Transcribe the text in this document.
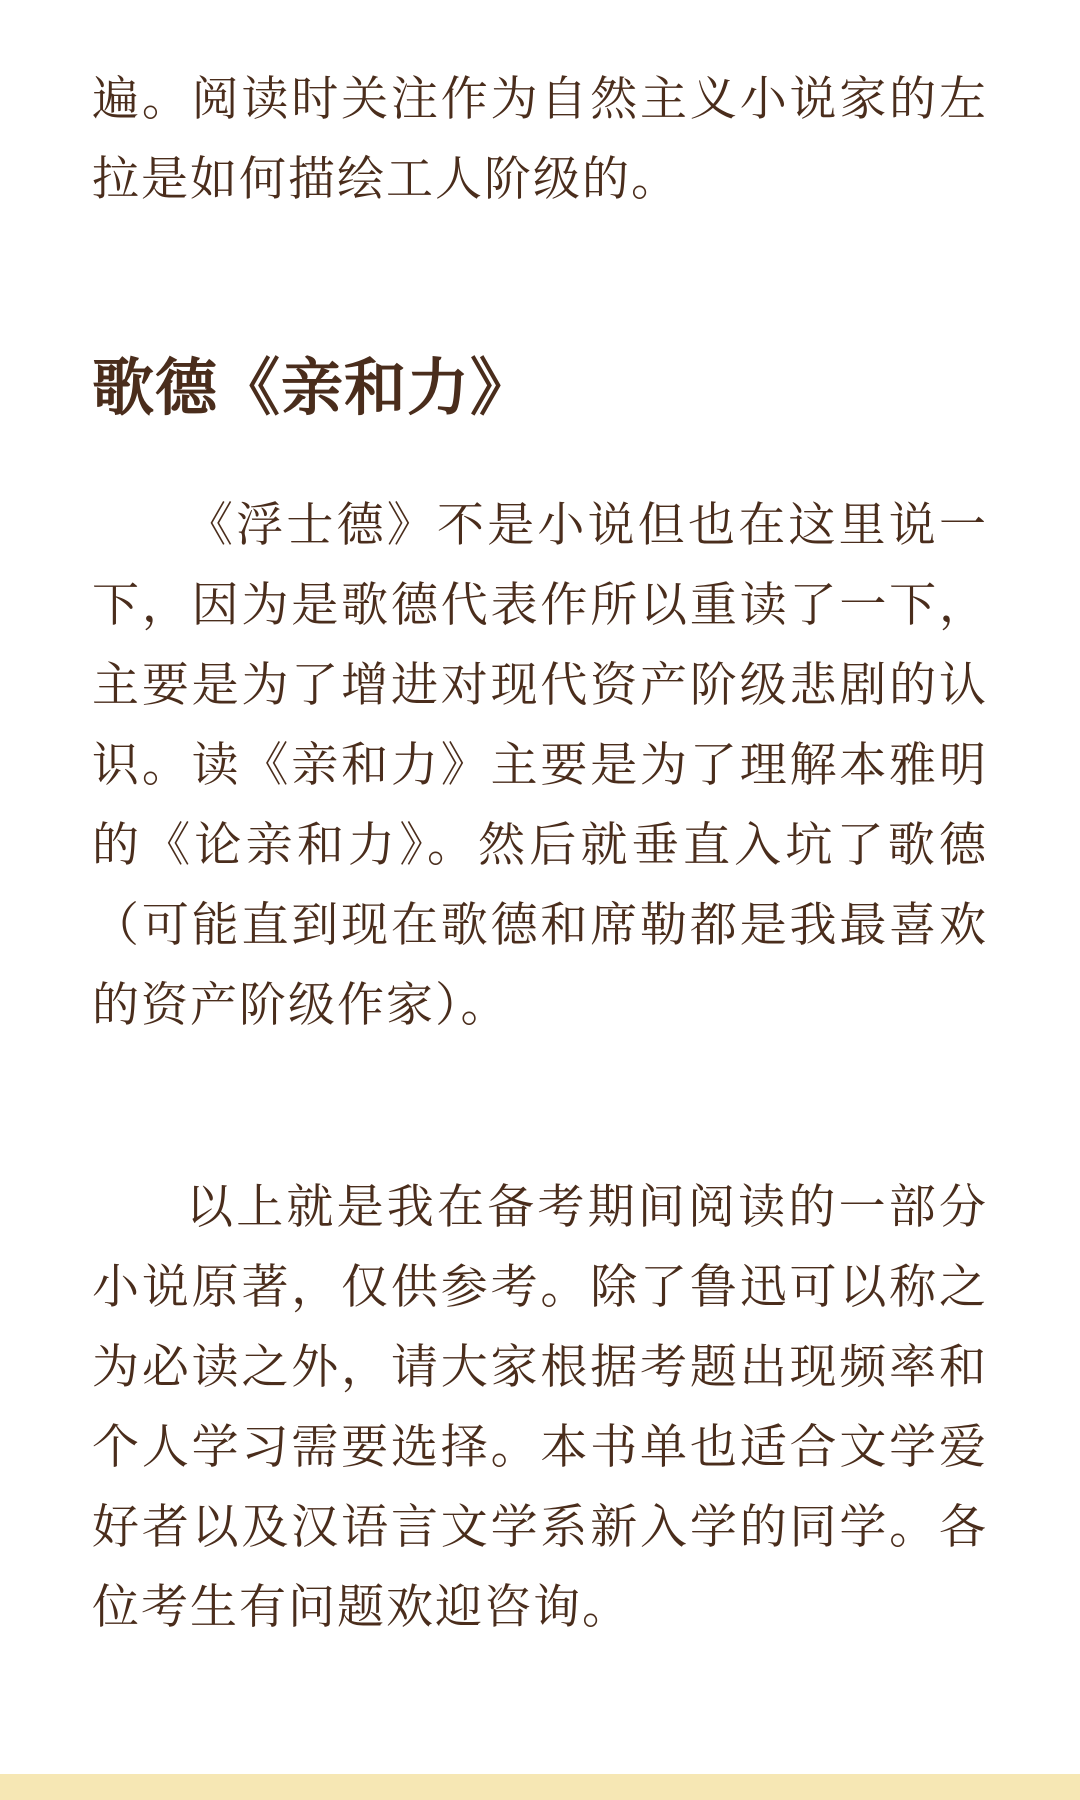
遍。阅读时关注作为自然主义小说家的左拉是如何描绘工人阶级的。

歌德《亲和力》

《浮士德》不是小说但也在这里说一下，因为是歌德代表作所以重读了一下，主要是为了增进对现代资产阶级悲剧的认识。读《亲和力》主要是为了理解本雅明的《论亲和力》。然后就垂直入坑了歌德（可能直到现在歌德和席勒都是我最喜欢的资产阶级作家）。

以上就是我在备考期间阅读的一部分小说原著，仅供参考。除了鲁迅可以称之为必读之外，请大家根据考题出现频率和个人学习需要选择。本书单也适合文学爱好者以及汉语言文学系新入学的同学。各位考生有问题欢迎咨询。
